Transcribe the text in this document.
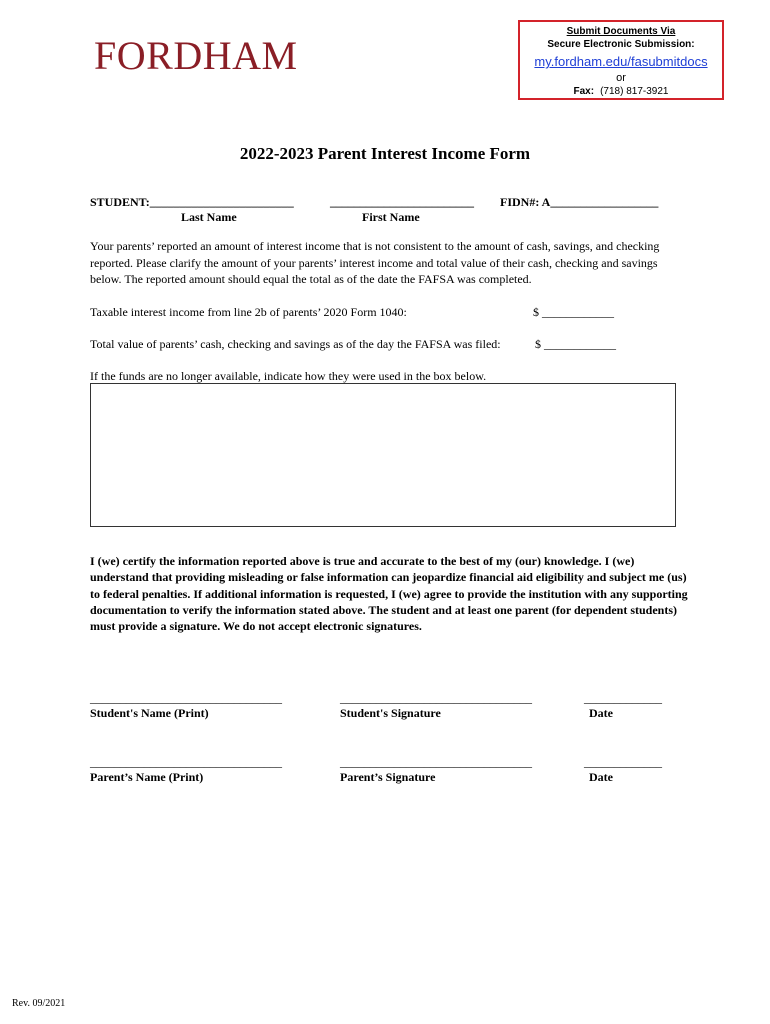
FORDHAM
Submit Documents Via
Secure Electronic Submission:
my.fordham.edu/fasubmitdocs
or
Fax: (718) 817-3921
2022-2023 Parent Interest Income Form
STUDENT:________________________	________________________ FIDN#: A__________________
Last Name	First Name
Your parents’ reported an amount of interest income that is not consistent to the amount of cash, savings, and checking reported. Please clarify the amount of your parents’ interest income and total value of their cash, checking and savings below. The reported amount should equal the total as of the date the FAFSA was completed.
Taxable interest income from line 2b of parents’ 2020 Form 1040:	$ ____________
Total value of parents’ cash, checking and savings as of the day the FAFSA was filed:	$ ____________
If the funds are no longer available, indicate how they were used in the box below.
I (we) certify the information reported above is true and accurate to the best of my (our) knowledge. I (we) understand that providing misleading or false information can jeopardize financial aid eligibility and subject me (us) to federal penalties. If additional information is requested, I (we) agree to provide the institution with any supporting documentation to verify the information stated above. The student and at least one parent (for dependent students) must provide a signature. We do not accept electronic signatures.
________________________________	________________________________	_____________
Student's Name (Print)	Student's Signature	Date
________________________________	________________________________	_____________
Parent’s Name (Print)	Parent’s Signature	Date
Rev. 09/2021
